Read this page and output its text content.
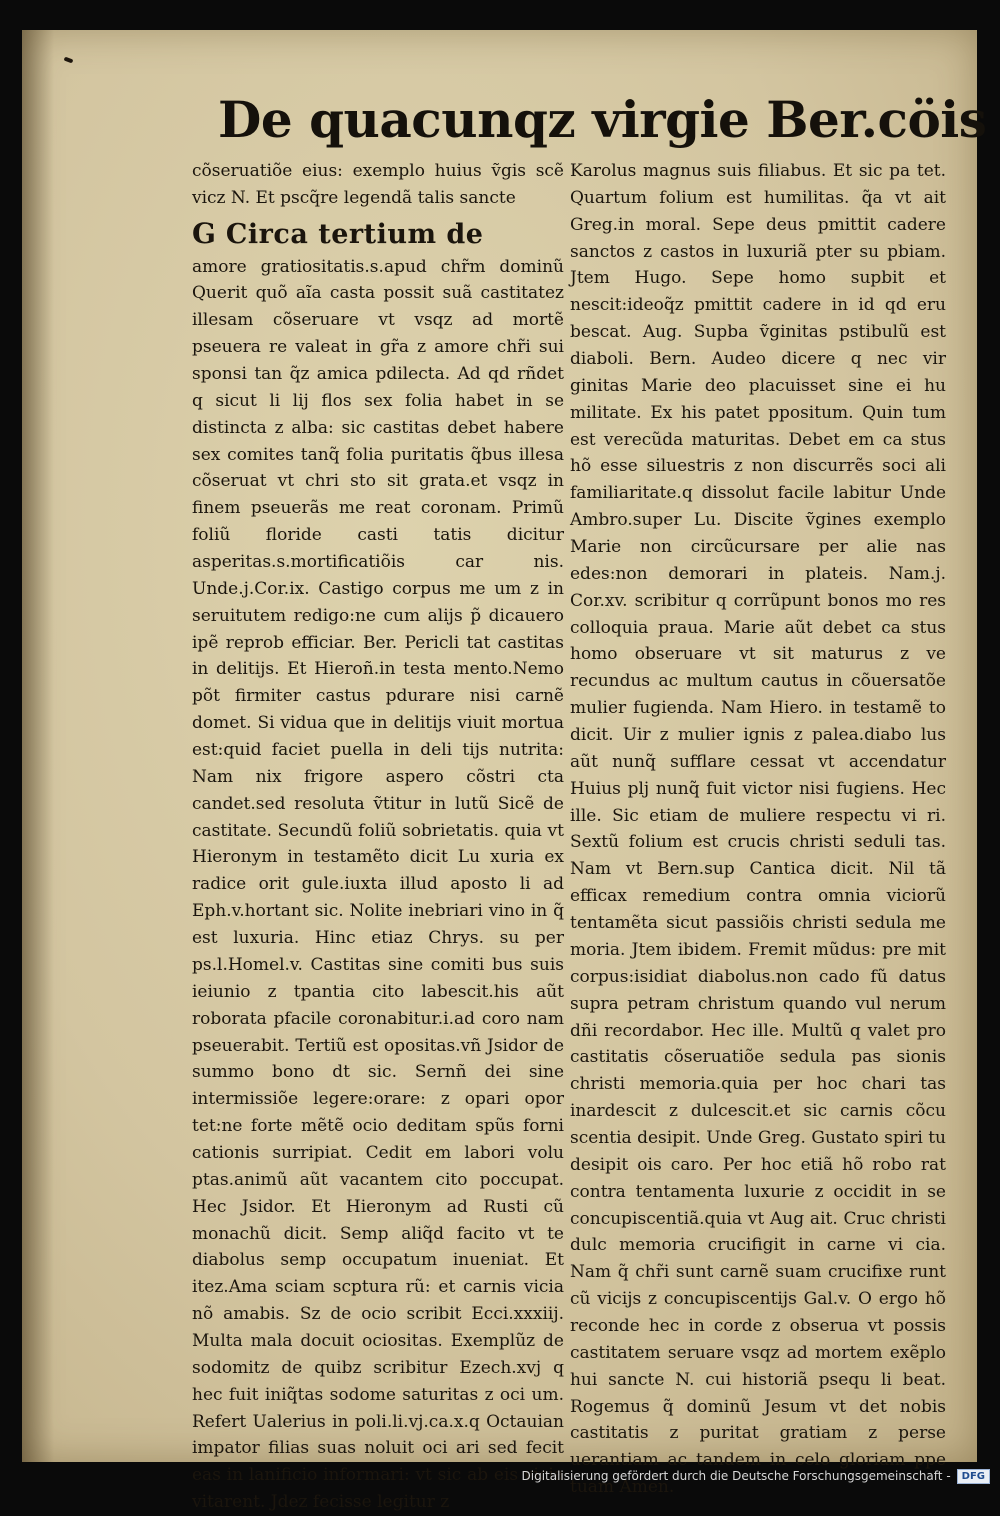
De quacunqz virgie Ber.cöis

cõseruatiõe eius: exemplo huius ṽgis scẽ vicz N. Et pscq̃re legendã talis sancte

G Circa tertium de

amore gratiositatis.s.apud chr̃m dominũ Querit quõ aĩa casta possit suã castitatez illesam cõseruare vt vsqz ad mortẽ pseuera re valeat in gr̃a z amore chr̃i sui sponsi tan q̃z amica pdilecta. Ad qd rñdet q sicut li lij flos sex folia habet in se distincta z alba: sic castitas debet habere sex comites tanq̃ folia puritatis q̃bus illesa cõseruat vt chri sto sit grata.et vsqz in finem pseuerãs me reat coronam. Primũ foliũ floride casti tatis dicitur asperitas.s.mortificatiõis car nis. Unde.j.Cor.ix. Castigo corpus me um z in seruitutem redigo:ne cum alijs p̃ dicauero ipẽ reprob efficiar. Ber. Pericli tat castitas in delitijs. Et Hieroñ.in testa mento.Nemo põt firmiter castus pdurare nisi carnẽ domet. Si vidua que in delitijs viuit mortua est:quid faciet puella in deli tijs nutrita: Nam nix frigore aspero cõstri cta candet.sed resoluta ṽtitur in lutũ Sicẽ de castitate. Secundũ foliũ sobrietatis. quia vt Hieronym in testamẽto dicit Lu xuria ex radice orit gule.iuxta illud aposto li ad Eph.v.hortant sic. Nolite inebriari vino in q̃ est luxuria. Hinc etiaz Chrys. su per ps.l.Homel.v. Castitas sine comiti bus suis ieiunio z tpantia cito labescit.his aũt roborata pfacile coronabitur.i.ad coro nam pseuerabit. Tertiũ est opositas.vñ Jsidor de summo bono dt sic. Sernñ dei sine intermissiõe legere:orare: z opari opor tet:ne forte mẽtẽ ocio deditam spũs forni cationis surripiat. Cedit em labori volu ptas.animũ aũt vacantem cito poccupat. Hec Jsidor. Et Hieronym ad Rusti cũ monachũ dicit. Semp aliq̃d facito vt te diabolus semp occupatum inueniat. Et itez.Ama sciam scptura rũ: et carnis vicia nõ amabis. Sz de ocio scribit Ecci.xxxiij. Multa mala docuit ociositas. Exemplũz de sodomitz de quibz scribitur Ezech.xvj q hec fuit iniq̃tas sodome saturitas z oci um. Refert Ualerius in poli.li.vj.ca.x.q Octauian impator filias suas noluit oci ari sed fecit eas in lanificio informari: vt sic ab eis vicia vitarent. Jdez fecisse legitur z

Karolus magnus suis filiabus. Et sic pa tet. Quartum folium est humilitas. q̃a vt ait Greg.in moral. Sepe deus pmittit cadere sanctos z castos in luxuriã pter su pbiam. Jtem Hugo. Sepe homo supbit et nescit:ideoq̃z pmittit cadere in id qd eru bescat. Aug. Supba ṽginitas pstibulũ est diaboli. Bern. Audeo dicere q nec vir ginitas Marie deo placuisset sine ei hu militate. Ex his patet ppositum. Quin tum est verecũda maturitas. Debet em ca stus hõ esse siluestris z non discurrẽs soci ali familiaritate.q dissolut facile labitur Unde Ambro.super Lu. Discite ṽgines exemplo Marie non circũcursare per alie nas edes:non demorari in plateis. Nam.j. Cor.xv. scribitur q corrũpunt bonos mo res colloquia praua. Marie aũt debet ca stus homo obseruare vt sit maturus z ve recundus ac multum cautus in cõuersatõe mulier fugienda. Nam Hiero. in testamẽ to dicit. Uir z mulier ignis z palea.diabo lus aũt nunq̃ sufflare cessat vt accendatur Huius plj nunq̃ fuit victor nisi fugiens. Hec ille. Sic etiam de muliere respectu vi ri. Sextũ folium est crucis christi seduli tas. Nam vt Bern.sup Cantica dicit. Nil tã efficax remedium contra omnia viciorũ tentamẽta sicut passiõis christi sedula me moria. Jtem ibidem. Fremit mũdus: pre mit corpus:isidiat diabolus.non cado fũ datus supra petram christum quando vul nerum dñi recordabor. Hec ille. Multũ q valet pro castitatis cõseruatiõe sedula pas sionis christi memoria.quia per hoc chari tas inardescit z dulcescit.et sic carnis cõcu scentia desipit. Unde Greg. Gustato spiri tu desipit ois caro. Per hoc etiã hõ robo rat contra tentamenta luxurie z occidit in se concupiscentiã.quia vt Aug ait. Cruc christi dulc memoria crucifigit in carne vi cia. Nam q̃ chr̃i sunt carnẽ suam crucifixe runt cũ vicijs z concupiscentijs Gal.v. O ergo hõ reconde hec in corde z obserua vt possis castitatem seruare vsqz ad mortem exẽplo hui sancte N. cui historiã psequ li beat. Rogemus q̃ dominũ Jesum vt det nobis castitatis z puritat gratiam z perse uerantiam ac tandem in celo gloriam ppe tuam Amen.

Digitalisierung gefördert durch die Deutsche Forschungsgemeinschaft -	DFG
